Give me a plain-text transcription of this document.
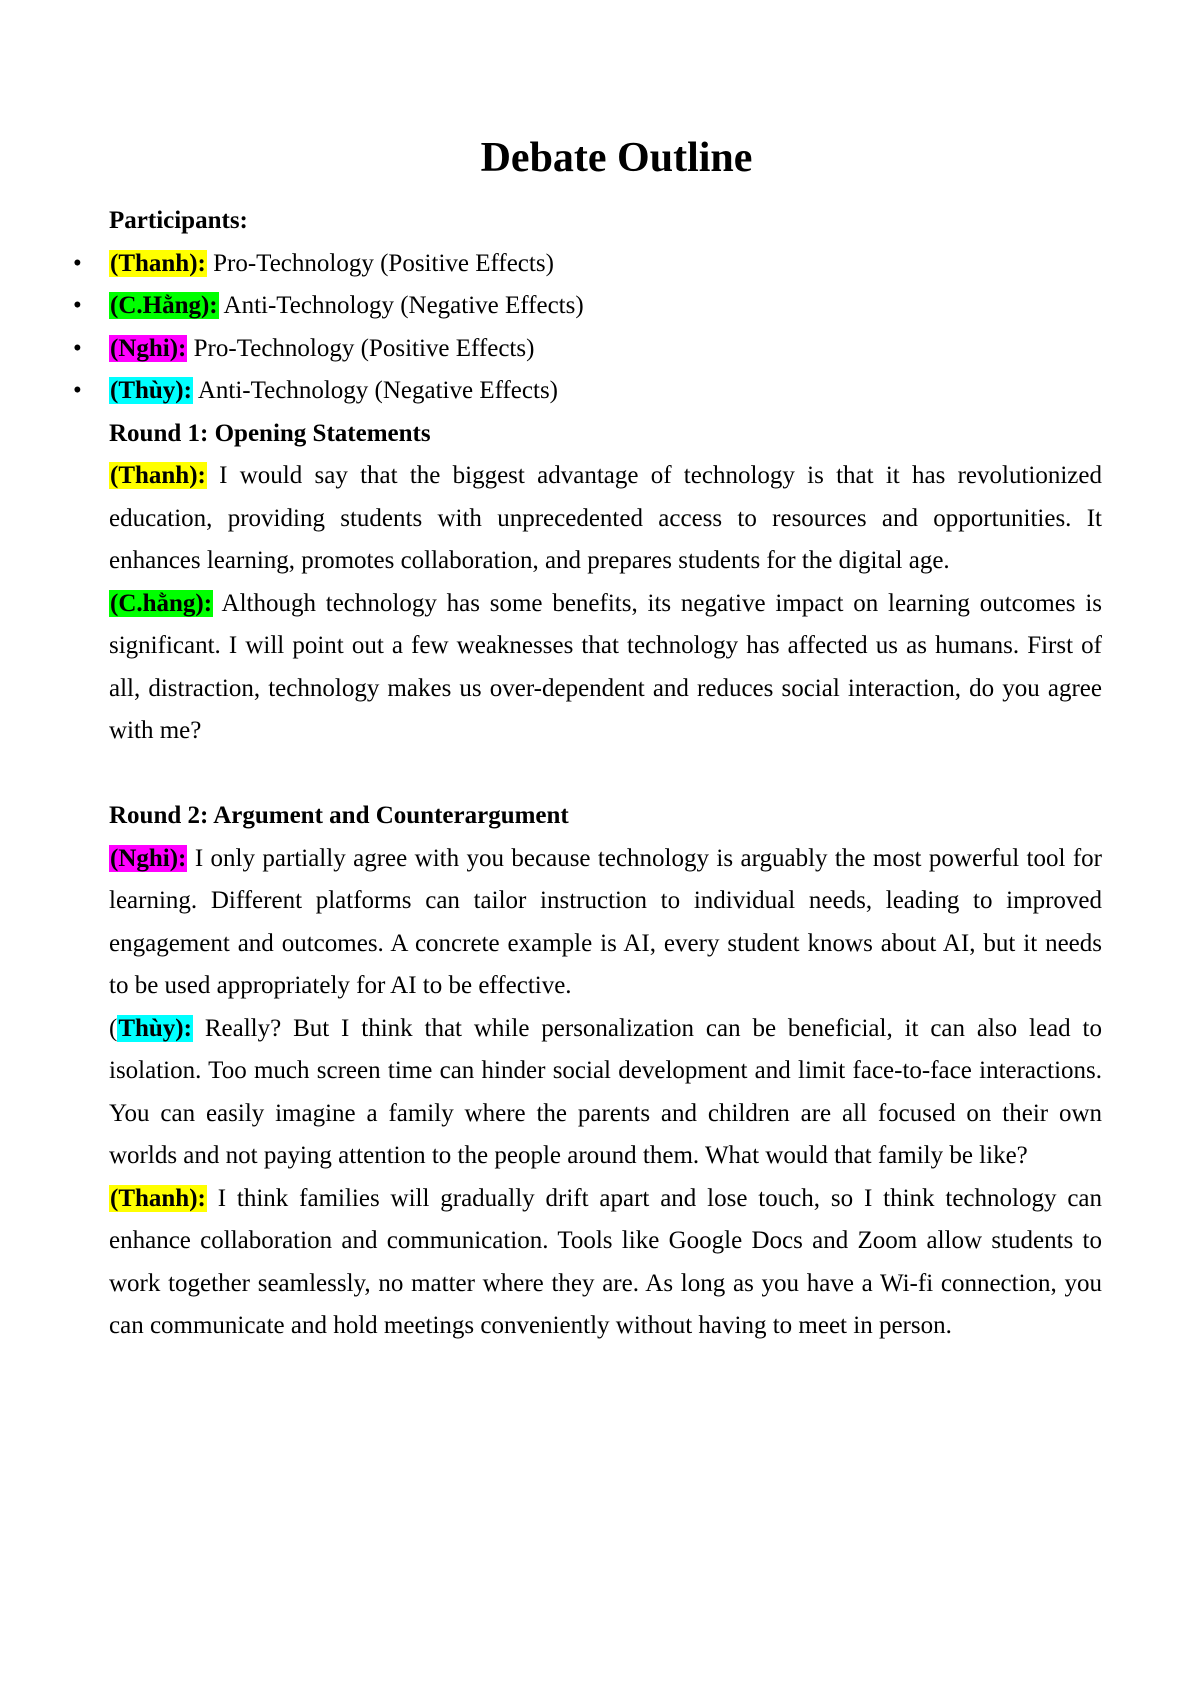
Debate Outline
Participants:
• (Thanh): Pro-Technology (Positive Effects)
• (C.Hằng): Anti-Technology (Negative Effects)
• (Nghi): Pro-Technology (Positive Effects)
• (Thùy): Anti-Technology (Negative Effects)
Round 1: Opening Statements

(Thanh): I would say that the biggest advantage of technology is that it has revolutionized education, providing students with unprecedented access to resources and opportunities. It enhances learning, promotes collaboration, and prepares students for the digital age.

(C.hằng): Although technology has some benefits, its negative impact on learning outcomes is significant. I will point out a few weaknesses that technology has affected us as humans. First of all, distraction, technology makes us over-dependent and reduces social interaction, do you agree with me?

Round 2: Argument and Counterargument

(Nghi): I only partially agree with you because technology is arguably the most powerful tool for learning. Different platforms can tailor instruction to individual needs, leading to improved engagement and outcomes. A concrete example is AI, every student knows about AI, but it needs to be used appropriately for AI to be effective.

(Thùy): Really? But I think that while personalization can be beneficial, it can also lead to isolation. Too much screen time can hinder social development and limit face-to-face interactions. You can easily imagine a family where the parents and children are all focused on their own worlds and not paying attention to the people around them. What would that family be like?

(Thanh): I think families will gradually drift apart and lose touch, so I think technology can enhance collaboration and communication. Tools like Google Docs and Zoom allow students to work together seamlessly, no matter where they are. As long as you have a Wi-fi connection, you can communicate and hold meetings conveniently without having to meet in person.
